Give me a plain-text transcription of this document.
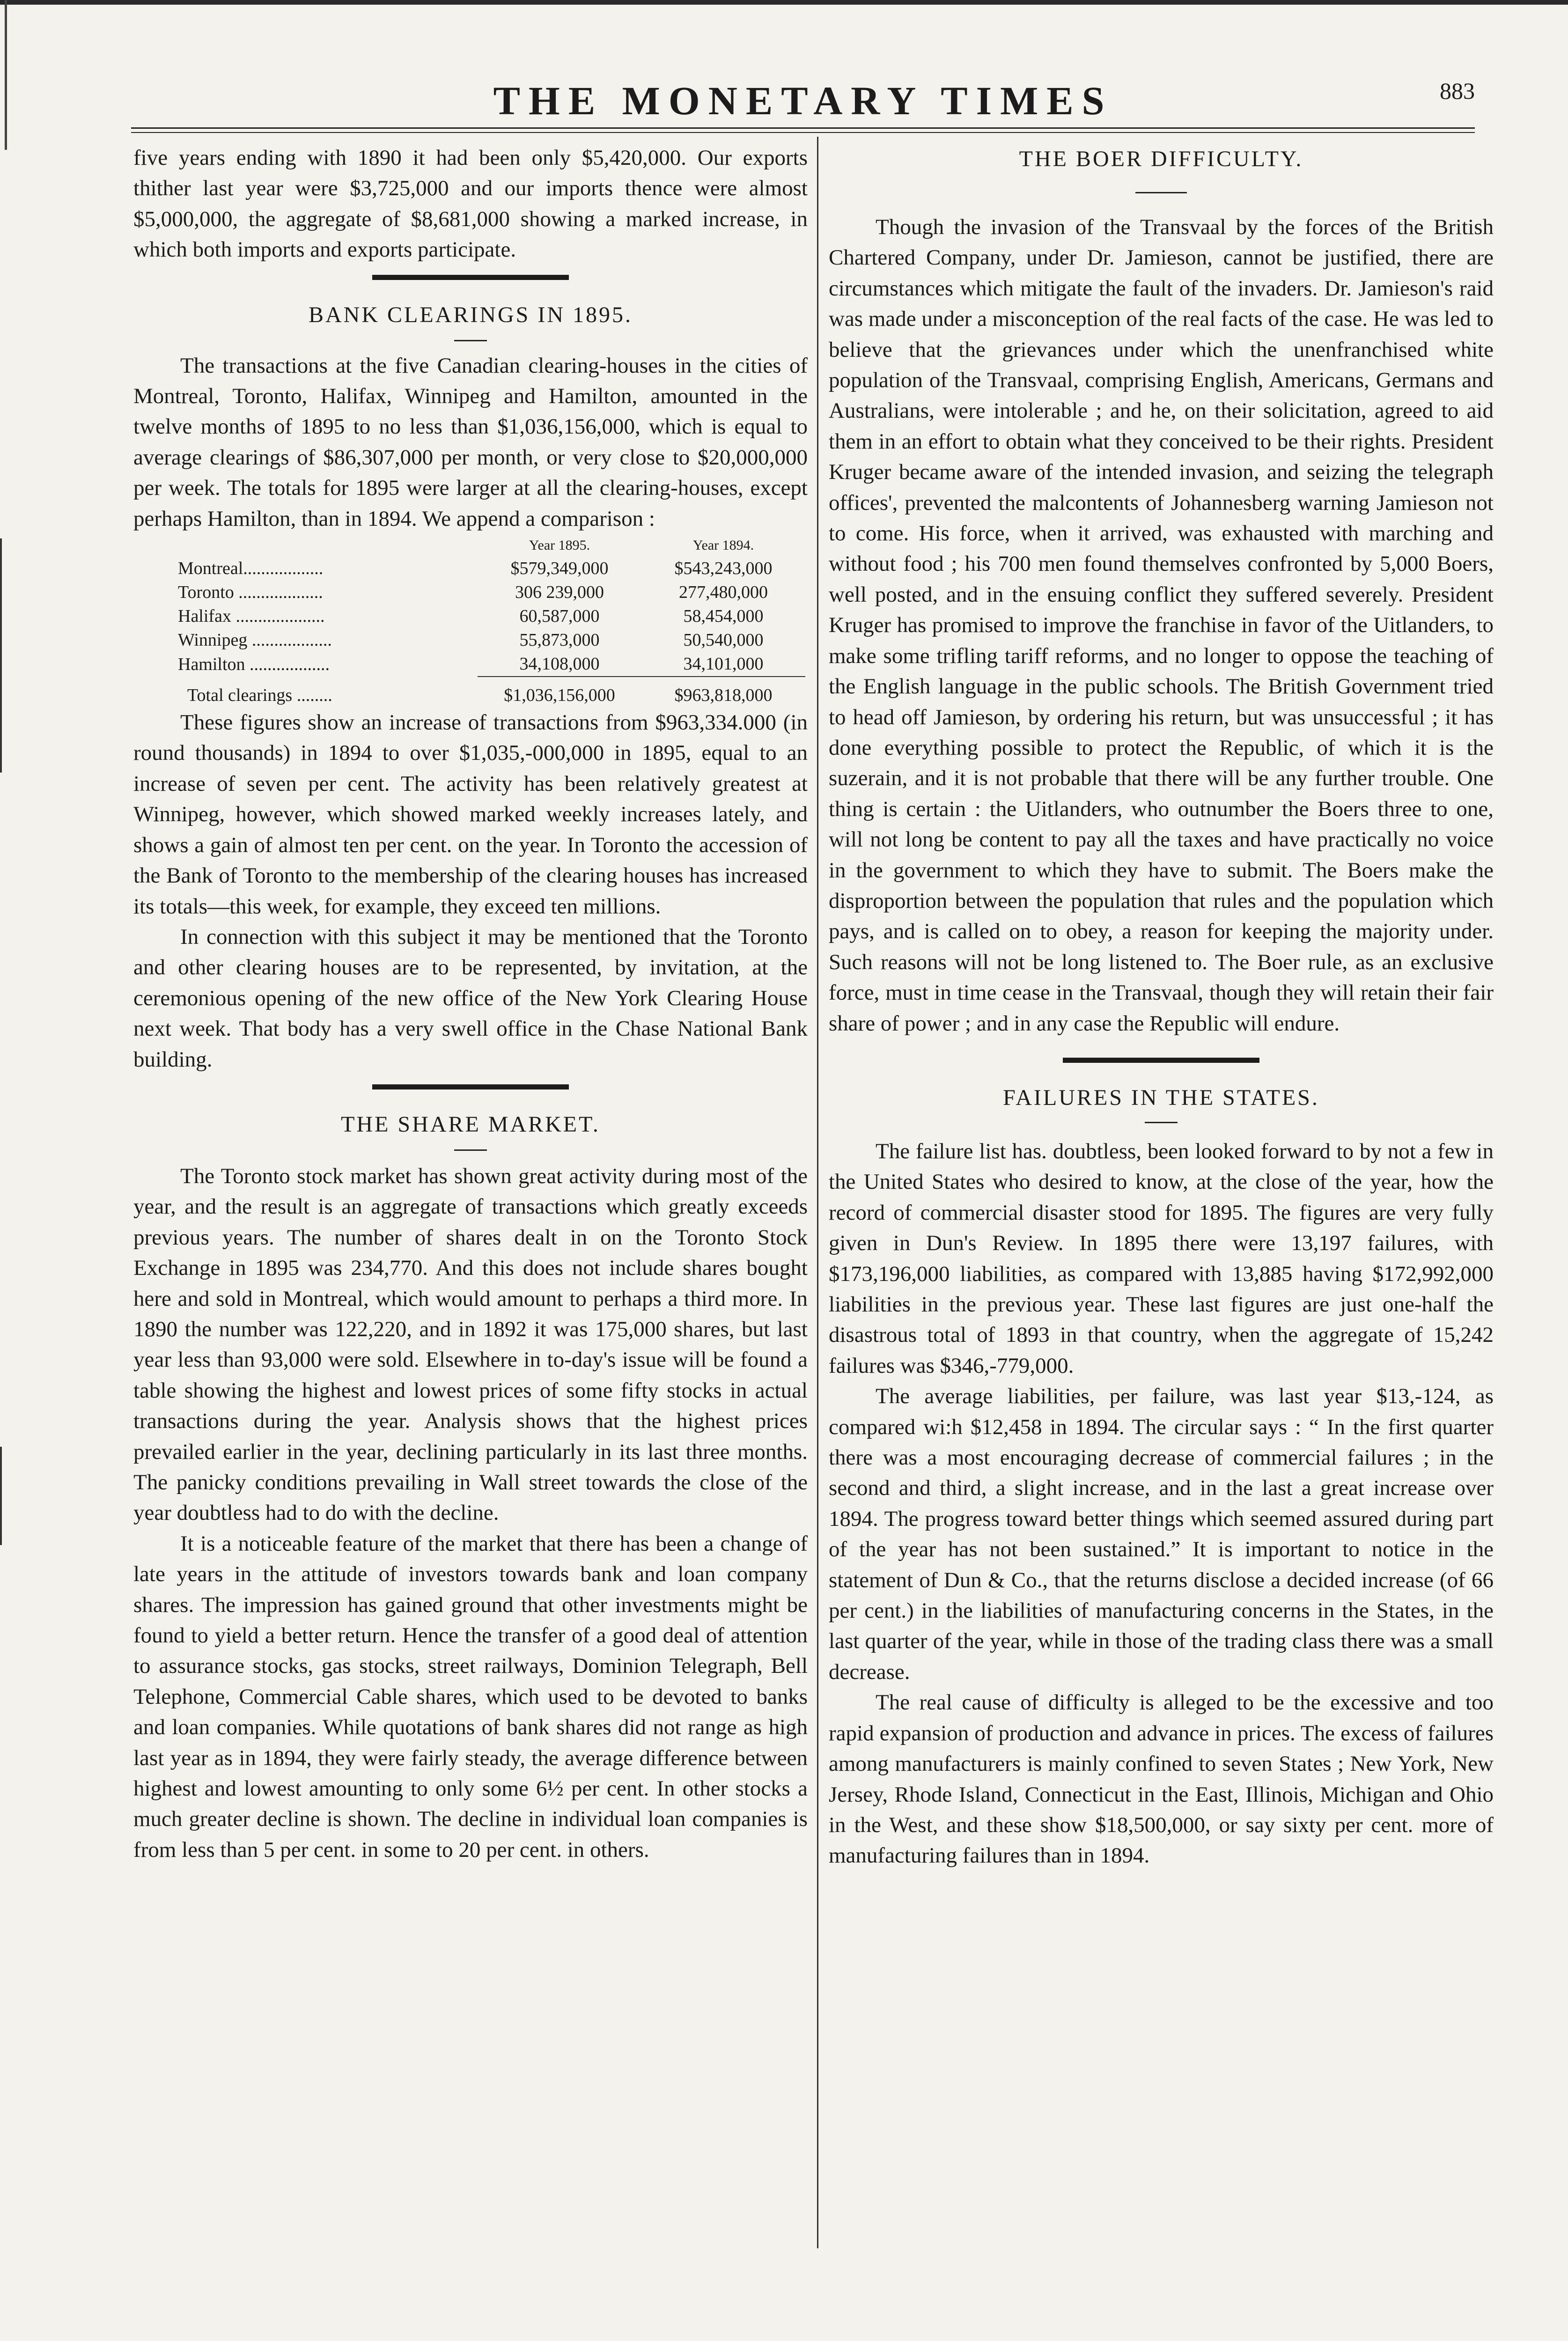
THE MONETARY TIMES	883

five years ending with 1890 it had been only $5,420,000. Our exports thither last year were $3,725,000 and our imports thence were almost $5,000,000, the aggregate of $8,681,000 showing a marked increase, in which both imports and exports participate.

BANK CLEARINGS IN 1895.

The transactions at the five Canadian clearing-houses in the cities of Montreal, Toronto, Halifax, Winnipeg and Hamilton, amounted in the twelve months of 1895 to no less than $1,036,156,000, which is equal to average clearings of $86,307,000 per month, or very close to $20,000,000 per week. The totals for 1895 were larger at all the clearing-houses, except perhaps Hamilton, than in 1894. We append a comparison :

	Year 1895.	Year 1894.
Montreal..................	$579,349,000	$543,243,000
Toronto ...................	306 239,000	277,480,000
Halifax ....................	60,587,000	58,454,000
Winnipeg ..................	55,873,000	50,540,000
Hamilton ..................	34,108,000	34,101,000
Total clearings ........	$1,036,156,000	$963,818,000

These figures show an increase of transactions from $963,334.000 (in round thousands) in 1894 to over $1,035,-000,000 in 1895, equal to an increase of seven per cent. The activity has been relatively greatest at Winnipeg, however, which showed marked weekly increases lately, and shows a gain of almost ten per cent. on the year. In Toronto the accession of the Bank of Toronto to the membership of the clearing houses has increased its totals—this week, for example, they exceed ten millions.

In connection with this subject it may be mentioned that the Toronto and other clearing houses are to be represented, by invitation, at the ceremonious opening of the new office of the New York Clearing House next week. That body has a very swell office in the Chase National Bank building.

THE SHARE MARKET.

The Toronto stock market has shown great activity during most of the year, and the result is an aggregate of transactions which greatly exceeds previous years. The number of shares dealt in on the Toronto Stock Exchange in 1895 was 234,770. And this does not include shares bought here and sold in Montreal, which would amount to perhaps a third more. In 1890 the number was 122,220, and in 1892 it was 175,000 shares, but last year less than 93,000 were sold. Elsewhere in to-day's issue will be found a table showing the highest and lowest prices of some fifty stocks in actual transactions during the year. Analysis shows that the highest prices prevailed earlier in the year, declining particularly in its last three months. The panicky conditions prevailing in Wall street towards the close of the year doubtless had to do with the decline.

It is a noticeable feature of the market that there has been a change of late years in the attitude of investors towards bank and loan company shares. The impression has gained ground that other investments might be found to yield a better return. Hence the transfer of a good deal of attention to assurance stocks, gas stocks, street railways, Dominion Telegraph, Bell Telephone, Commercial Cable shares, which used to be devoted to banks and loan companies. While quotations of bank shares did not range as high last year as in 1894, they were fairly steady, the average difference between highest and lowest amounting to only some 6½ per cent. In other stocks a much greater decline is shown. The decline in individual loan companies is from less than 5 per cent. in some to 20 per cent. in others.

THE BOER DIFFICULTY.

Though the invasion of the Transvaal by the forces of the British Chartered Company, under Dr. Jamieson, cannot be justified, there are circumstances which mitigate the fault of the invaders. Dr. Jamieson's raid was made under a misconception of the real facts of the case. He was led to believe that the grievances under which the unenfranchised white population of the Transvaal, comprising English, Americans, Germans and Australians, were intolerable ; and he, on their solicitation, agreed to aid them in an effort to obtain what they conceived to be their rights. President Kruger became aware of the intended invasion, and seizing the telegraph offices', prevented the malcontents of Johannesberg warning Jamieson not to come. His force, when it arrived, was exhausted with marching and without food ; his 700 men found themselves confronted by 5,000 Boers, well posted, and in the ensuing conflict they suffered severely. President Kruger has promised to improve the franchise in favor of the Uitlanders, to make some trifling tariff reforms, and no longer to oppose the teaching of the English language in the public schools. The British Government tried to head off Jamieson, by ordering his return, but was unsuccessful ; it has done everything possible to protect the Republic, of which it is the suzerain, and it is not probable that there will be any further trouble. One thing is certain : the Uitlanders, who outnumber the Boers three to one, will not long be content to pay all the taxes and have practically no voice in the government to which they have to submit. The Boers make the disproportion between the population that rules and the population which pays, and is called on to obey, a reason for keeping the majority under. Such reasons will not be long listened to. The Boer rule, as an exclusive force, must in time cease in the Transvaal, though they will retain their fair share of power ; and in any case the Republic will endure.

FAILURES IN THE STATES.

The failure list has. doubtless, been looked forward to by not a few in the United States who desired to know, at the close of the year, how the record of commercial disaster stood for 1895. The figures are very fully given in Dun's Review. In 1895 there were 13,197 failures, with $173,196,000 liabilities, as compared with 13,885 having $172,992,000 liabilities in the previous year. These last figures are just one-half the disastrous total of 1893 in that country, when the aggregate of 15,242 failures was $346,-779,000.

The average liabilities, per failure, was last year $13,-124, as compared wi:h $12,458 in 1894. The circular says : “ In the first quarter there was a most encouraging decrease of commercial failures ; in the second and third, a slight increase, and in the last a great increase over 1894. The progress toward better things which seemed assured during part of the year has not been sustained.” It is important to notice in the statement of Dun & Co., that the returns disclose a decided increase (of 66 per cent.) in the liabilities of manufacturing concerns in the States, in the last quarter of the year, while in those of the trading class there was a small decrease.

The real cause of difficulty is alleged to be the excessive and too rapid expansion of production and advance in prices. The excess of failures among manufacturers is mainly confined to seven States ; New York, New Jersey, Rhode Island, Connecticut in the East, Illinois, Michigan and Ohio in the West, and these show $18,500,000, or say sixty per cent. more of manufacturing failures than in 1894.
